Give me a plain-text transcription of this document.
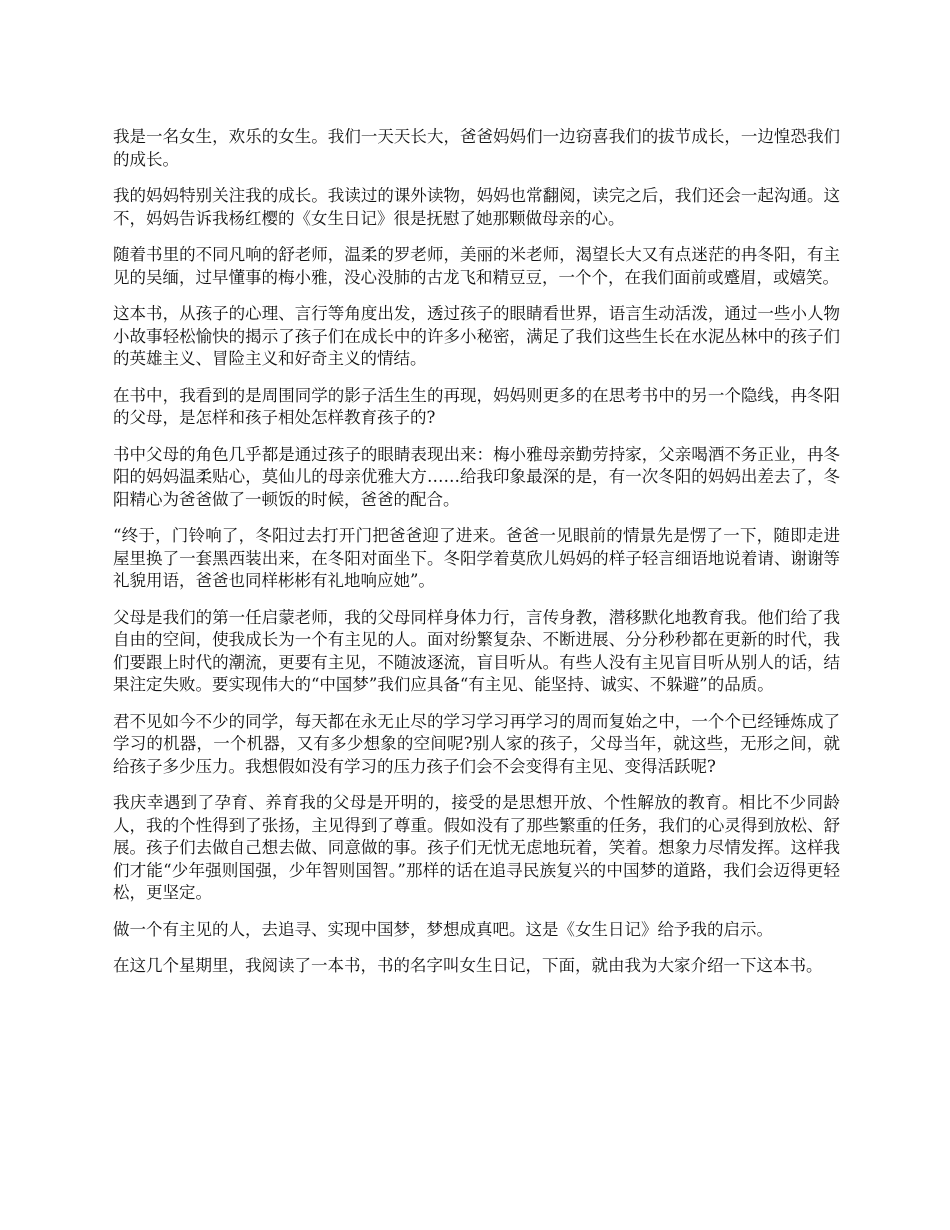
我是一名女生，欢乐的女生。我们一天天长大，爸爸妈妈们一边窃喜我们的拔节成长，一边惶恐我们的成长。

我的妈妈特别关注我的成长。我读过的课外读物，妈妈也常翻阅，读完之后，我们还会一起沟通。这不，妈妈告诉我杨红樱的《女生日记》很是抚慰了她那颗做母亲的心。

随着书里的不同凡响的舒老师，温柔的罗老师，美丽的米老师，渴望长大又有点迷茫的冉冬阳，有主见的吴缅，过早懂事的梅小雅，没心没肺的古龙飞和精豆豆，一个个，在我们面前或蹙眉，或嬉笑。

这本书，从孩子的心理、言行等角度出发，透过孩子的眼睛看世界，语言生动活泼，通过一些小人物小故事轻松愉快的揭示了孩子们在成长中的许多小秘密，满足了我们这些生长在水泥丛林中的孩子们的英雄主义、冒险主义和好奇主义的情结。

在书中，我看到的是周围同学的影子活生生的再现，妈妈则更多的在思考书中的另一个隐线，冉冬阳的父母，是怎样和孩子相处怎样教育孩子的?

书中父母的角色几乎都是通过孩子的眼睛表现出来：梅小雅母亲勤劳持家，父亲喝酒不务正业，冉冬阳的妈妈温柔贴心，莫仙儿的母亲优雅大方……给我印象最深的是，有一次冬阳的妈妈出差去了，冬阳精心为爸爸做了一顿饭的时候，爸爸的配合。

“终于，门铃响了，冬阳过去打开门把爸爸迎了进来。爸爸一见眼前的情景先是愣了一下，随即走进屋里换了一套黑西装出来，在冬阳对面坐下。冬阳学着莫欣儿妈妈的样子轻言细语地说着请、谢谢等礼貌用语，爸爸也同样彬彬有礼地响应她”。

父母是我们的第一任启蒙老师，我的父母同样身体力行，言传身教，潜移默化地教育我。他们给了我自由的空间，使我成长为一个有主见的人。面对纷繁复杂、不断进展、分分秒秒都在更新的时代，我们要跟上时代的潮流，更要有主见，不随波逐流，盲目听从。有些人没有主见盲目听从别人的话，结果注定失败。要实现伟大的“中国梦”我们应具备“有主见、能坚持、诚实、不躲避”的品质。

君不见如今不少的同学，每天都在永无止尽的学习学习再学习的周而复始之中，一个个已经锤炼成了学习的机器，一个机器，又有多少想象的空间呢?别人家的孩子，父母当年，就这些，无形之间，就给孩子多少压力。我想假如没有学习的压力孩子们会不会变得有主见、变得活跃呢?

我庆幸遇到了孕育、养育我的父母是开明的，接受的是思想开放、个性解放的教育。相比不少同龄人，我的个性得到了张扬，主见得到了尊重。假如没有了那些繁重的任务，我们的心灵得到放松、舒展。孩子们去做自己想去做、同意做的事。孩子们无忧无虑地玩着，笑着。想象力尽情发挥。这样我们才能“少年强则国强，少年智则国智。”那样的话在追寻民族复兴的中国梦的道路，我们会迈得更轻松，更坚定。

做一个有主见的人，去追寻、实现中国梦，梦想成真吧。这是《女生日记》给予我的启示。

在这几个星期里，我阅读了一本书，书的名字叫女生日记，下面，就由我为大家介绍一下这本书。
